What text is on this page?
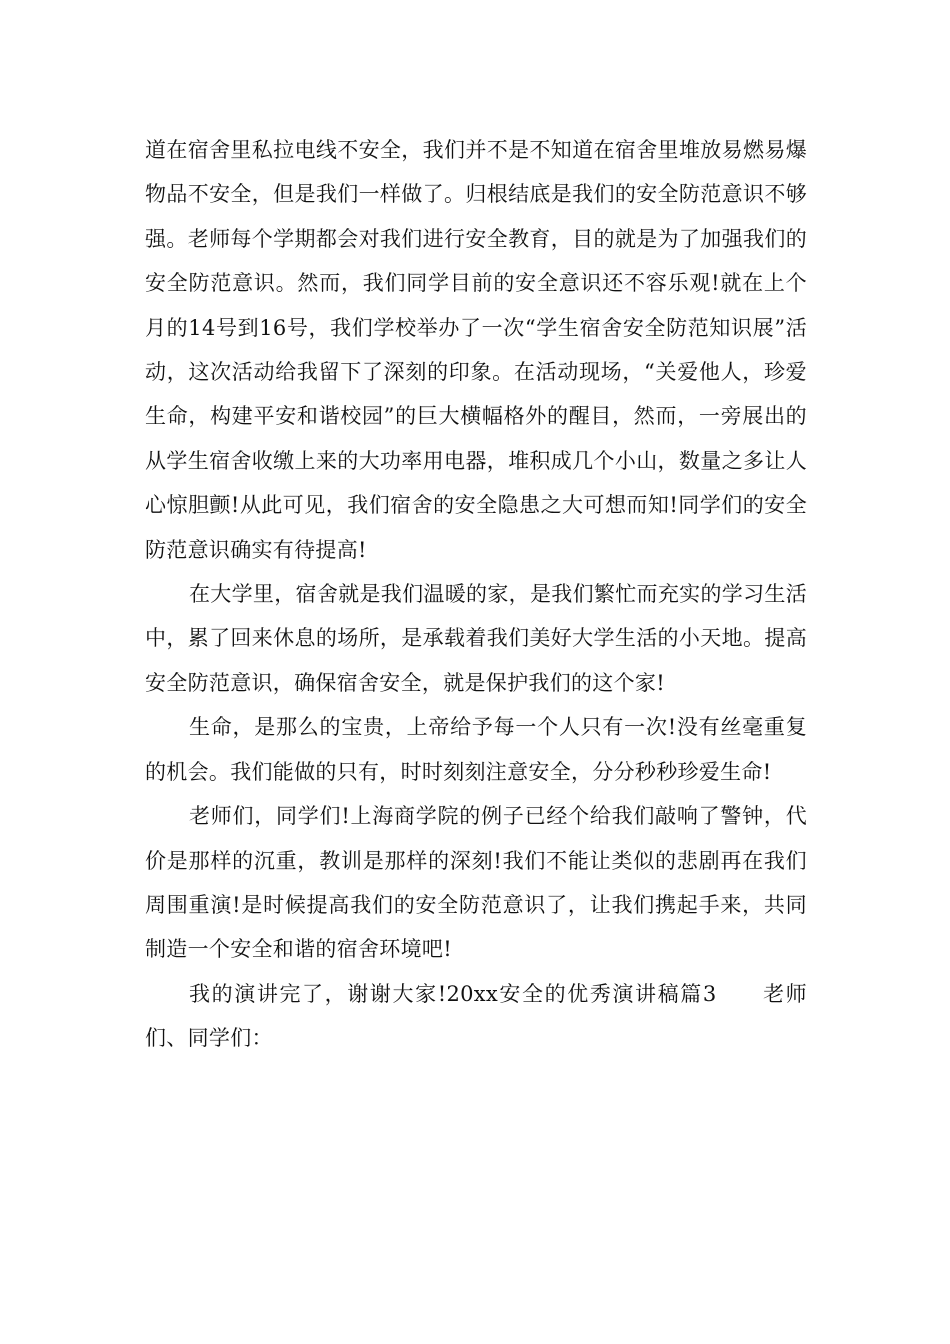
道在宿舍里私拉电线不安全，我们并不是不知道在宿舍里堆放易燃易爆物品不安全，但是我们一样做了。归根结底是我们的安全防范意识不够强。老师每个学期都会对我们进行安全教育，目的就是为了加强我们的安全防范意识。然而，我们同学目前的安全意识还不容乐观!就在上个月的14号到16号，我们学校举办了一次“学生宿舍安全防范知识展”活动，这次活动给我留下了深刻的印象。在活动现场，“关爱他人，珍爱生命，构建平安和谐校园”的巨大横幅格外的醒目，然而，一旁展出的从学生宿舍收缴上来的大功率用电器，堆积成几个小山，数量之多让人心惊胆颤!从此可见，我们宿舍的安全隐患之大可想而知!同学们的安全防范意识确实有待提高!

在大学里，宿舍就是我们温暖的家，是我们繁忙而充实的学习生活中，累了回来休息的场所，是承载着我们美好大学生活的小天地。提高安全防范意识，确保宿舍安全，就是保护我们的这个家!

生命，是那么的宝贵，上帝给予每一个人只有一次!没有丝毫重复的机会。我们能做的只有，时时刻刻注意安全，分分秒秒珍爱生命!

老师们，同学们!上海商学院的例子已经个给我们敲响了警钟，代价是那样的沉重，教训是那样的深刻!我们不能让类似的悲剧再在我们周围重演!是时候提高我们的安全防范意识了，让我们携起手来，共同制造一个安全和谐的宿舍环境吧!

我的演讲完了，谢谢大家!20xx安全的优秀演讲稿篇3　　老师们、同学们：
